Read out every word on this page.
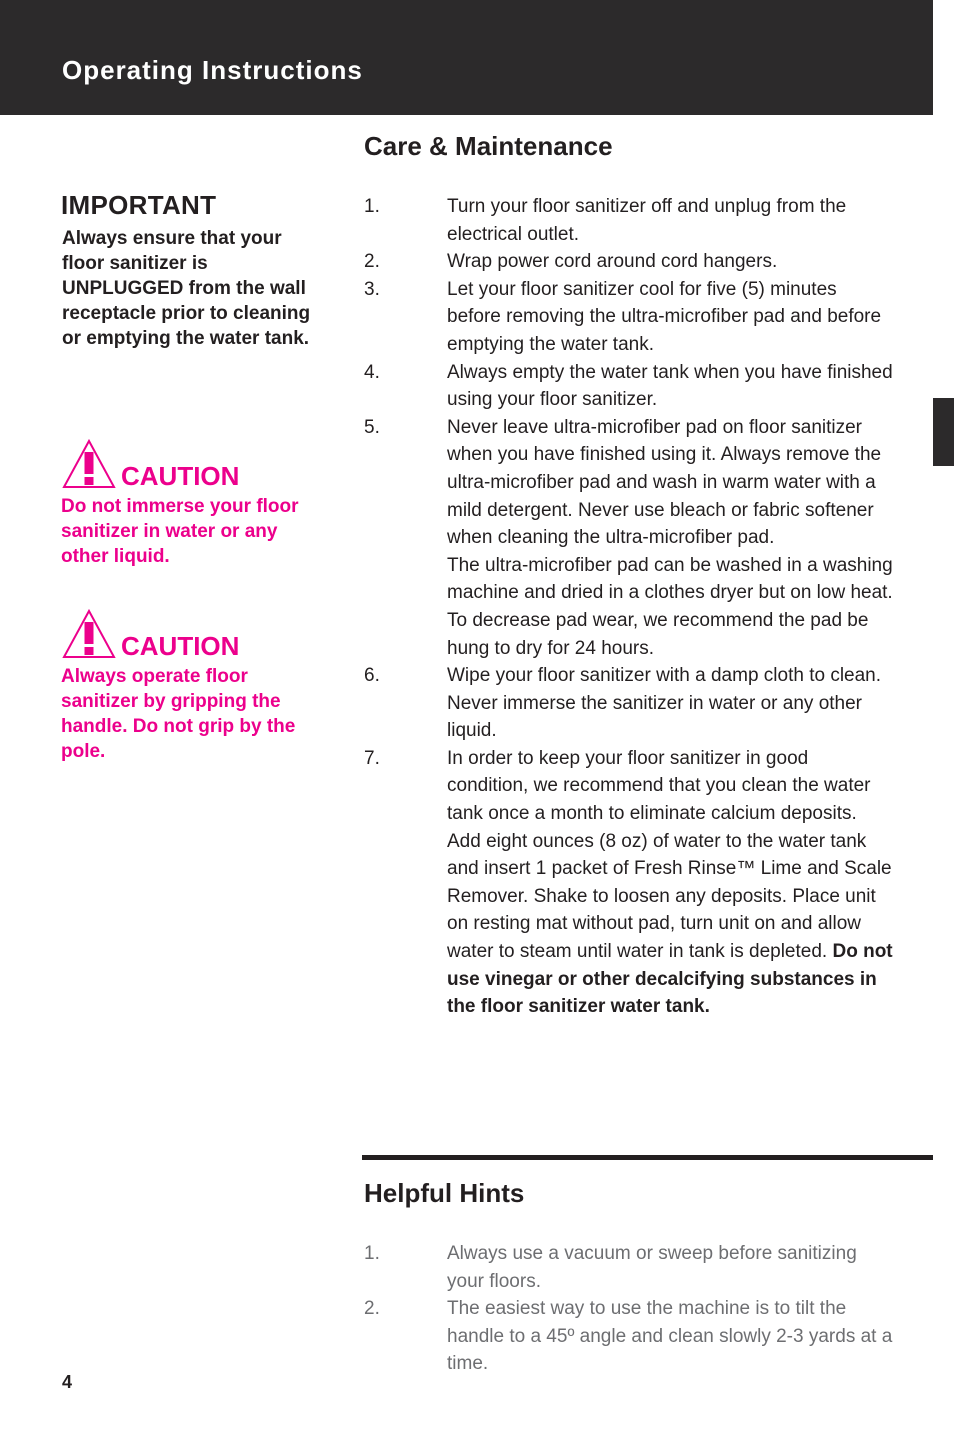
Operating Instructions
IMPORTANT
Always ensure that your floor sanitizer is UNPLUGGED from the wall receptacle prior to cleaning or emptying the water tank.
CAUTION
Do not immerse your floor sanitizer in water or any other liquid.
CAUTION
Always operate floor sanitizer by gripping the handle. Do not grip by the pole.
Care & Maintenance
1.	Turn your floor sanitizer off and unplug from the electrical outlet.
2.	Wrap power cord around cord hangers.
3.	Let your floor sanitizer cool for five (5) minutes before removing the ultra-microfiber pad and before emptying the water tank.
4.	Always empty the water tank when you have finished using your floor sanitizer.
5.	Never leave ultra-microfiber pad on floor sanitizer when you have finished using it. Always remove the ultra-microfiber pad and wash in warm water with a mild detergent. Never use bleach or fabric softener when cleaning the ultra-microfiber pad.
The ultra-microfiber pad can be washed in a washing machine and dried in a clothes dryer but on low heat.
To decrease pad wear, we recommend the pad be hung to dry for 24 hours.
6.	Wipe your floor sanitizer with a damp cloth to clean. Never immerse the sanitizer in water or any other liquid.
7.	In order to keep your floor sanitizer in good condition, we recommend that you clean the water tank once a month to eliminate calcium deposits. Add eight ounces (8 oz) of water to the water tank and insert 1 packet of Fresh Rinse™ Lime and Scale Remover. Shake to loosen any deposits. Place unit on resting mat without pad, turn unit on and allow water to steam until water in tank is depleted. Do not use vinegar or other decalcifying substances in the floor sanitizer water tank.
Helpful Hints
1.	Always use a vacuum or sweep before sanitizing your floors.
2.	The easiest way to use the machine is to tilt the handle to a 45º angle and clean slowly 2-3 yards at a time.
4
